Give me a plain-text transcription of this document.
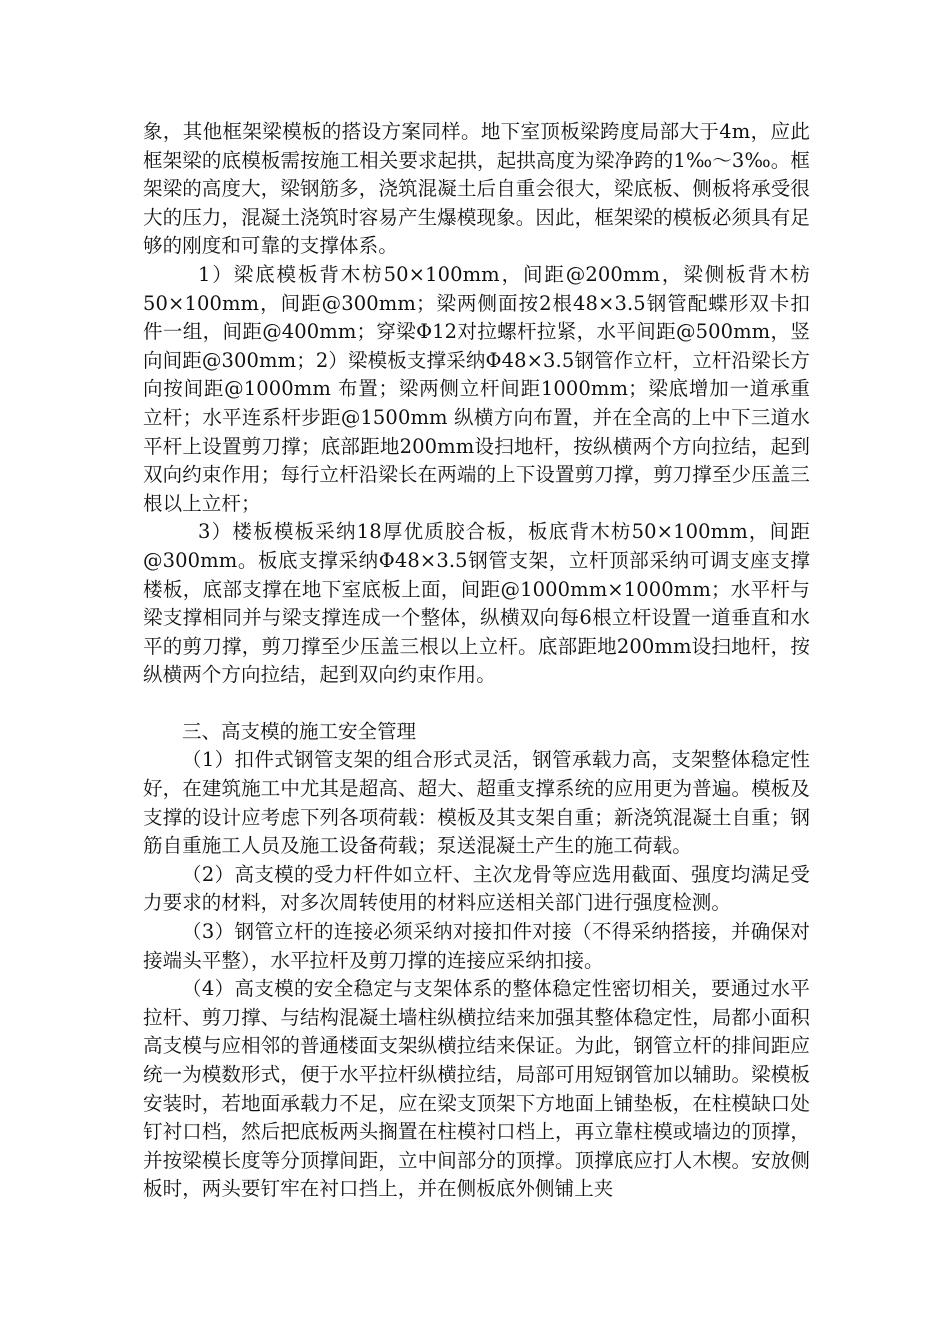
象，其他框架梁模板的搭设方案同样。地下室顶板梁跨度局部大于4m，应此框架梁的底模板需按施工相关要求起拱，起拱高度为梁净跨的1‰～3‰。框架梁的高度大，梁钢筋多，浇筑混凝土后自重会很大，梁底板、侧板将承受很大的压力，混凝土浇筑时容易产生爆模现象。因此，框架梁的模板必须具有足够的刚度和可靠的支撑体系。

1）梁底模板背木枋50×100mm，间距@200mm，梁侧板背木枋50×100mm，间距@300mm；梁两侧面按2根48×3.5钢管配蝶形双卡扣件一组，间距@400mm；穿梁Φ12对拉螺杆拉紧，水平间距@500mm，竖向间距@300mm；2）梁模板支撑采纳Φ48×3.5钢管作立杆，立杆沿梁长方向按间距@1000mm 布置；梁两侧立杆间距1000mm；梁底增加一道承重立杆；水平连系杆步距@1500mm 纵横方向布置，并在全高的上中下三道水平杆上设置剪刀撑；底部距地200mm设扫地杆，按纵横两个方向拉结，起到双向约束作用；每行立杆沿梁长在两端的上下设置剪刀撑，剪刀撑至少压盖三根以上立杆；

3）楼板模板采纳18厚优质胶合板，板底背木枋50×100mm，间距@300mm。板底支撑采纳Φ48×3.5钢管支架，立杆顶部采纳可调支座支撑楼板，底部支撑在地下室底板上面，间距@1000mm×1000mm；水平杆与梁支撑相同并与梁支撑连成一个整体，纵横双向每6根立杆设置一道垂直和水平的剪刀撑，剪刀撑至少压盖三根以上立杆。底部距地200mm设扫地杆，按纵横两个方向拉结，起到双向约束作用。

三、高支模的施工安全管理

（1）扣件式钢管支架的组合形式灵活，钢管承载力高，支架整体稳定性好，在建筑施工中尤其是超高、超大、超重支撑系统的应用更为普遍。模板及支撑的设计应考虑下列各项荷载：模板及其支架自重；新浇筑混凝土自重；钢筋自重施工人员及施工设备荷载；泵送混凝土产生的施工荷载。

（2）高支模的受力杆件如立杆、主次龙骨等应选用截面、强度均满足受力要求的材料，对多次周转使用的材料应送相关部门进行强度检测。

（3）钢管立杆的连接必须采纳对接扣件对接（不得采纳搭接，并确保对接端头平整），水平拉杆及剪刀撑的连接应采纳扣接。

（4）高支模的安全稳定与支架体系的整体稳定性密切相关，要通过水平拉杆、剪刀撑、与结构混凝土墙柱纵横拉结来加强其整体稳定性，局都小面积高支模与应相邻的普通楼面支架纵横拉结来保证。为此，钢管立杆的排间距应统一为模数形式，便于水平拉杆纵横拉结，局部可用短钢管加以辅助。梁模板安装时，若地面承载力不足，应在梁支顶架下方地面上铺垫板，在柱模缺口处钉衬口档，然后把底板两头搁置在柱模衬口档上，再立靠柱模或墙边的顶撑，并按梁模长度等分顶撑间距，立中间部分的顶撑。顶撑底应打人木楔。安放侧板时，两头要钉牢在衬口挡上，并在侧板底外侧铺上夹
